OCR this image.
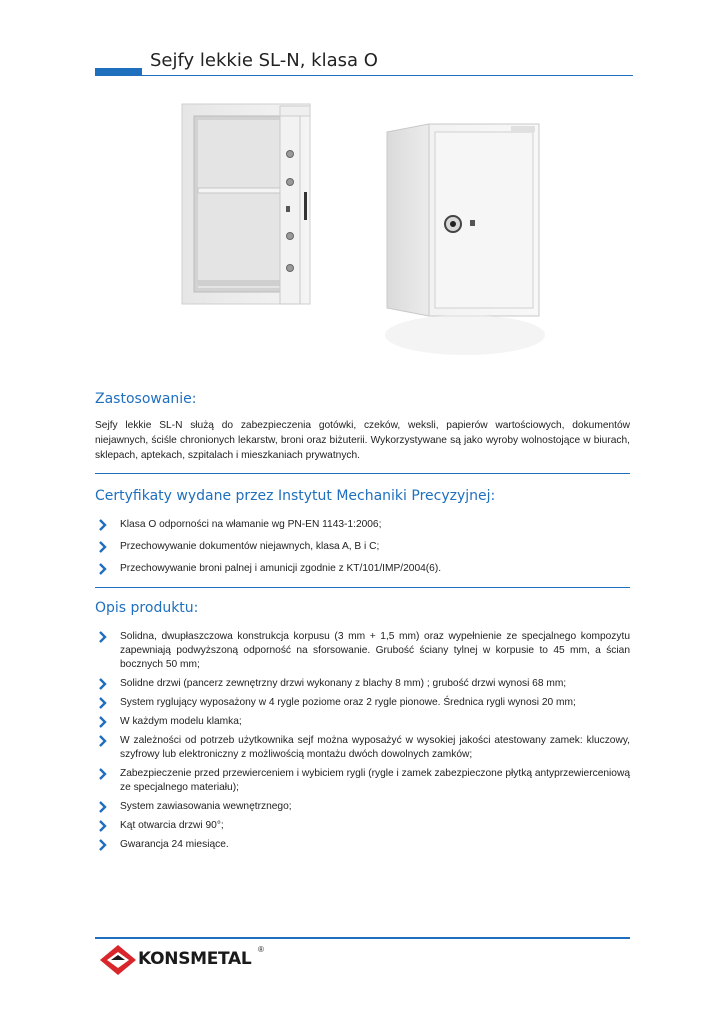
Sejfy lekkie SL-N, klasa O
Zastosowanie:

Sejfy lekkie SL-N służą do zabezpieczenia gotówki, czeków, weksli, papierów wartościowych, dokumentów niejawnych, ściśle chronionych lekarstw, broni oraz biżuterii. Wykorzystywane są jako wyroby wolnostojące w biurach, sklepach, aptekach, szpitalach i mieszkaniach prywatnych.

Certyfikaty wydane przez Instytut Mechaniki Precyzyjnej:
Klasa O odporności na włamanie wg PN-EN 1143-1:2006;
Przechowywanie dokumentów niejawnych, klasa A, B i C;
Przechowywanie broni palnej i amunicji zgodnie z KT/101/IMP/2004(6).
Opis produktu:
Solidna, dwupłaszczowa konstrukcja korpusu (3 mm + 1,5 mm) oraz wypełnienie ze specjalnego kompozytu zapewniają podwyższoną odporność na sforsowanie. Grubość ściany tylnej w korpusie to 45 mm, a ścian bocznych 50 mm;
Solidne drzwi (pancerz zewnętrzny drzwi wykonany z blachy 8 mm) ; grubość drzwi wynosi 68 mm;
System ryglujący wyposażony w 4 rygle poziome oraz 2 rygle pionowe. Średnica rygli wynosi 20 mm;
W każdym modelu klamka;
W zależności od potrzeb użytkownika sejf można wyposażyć w wysokiej jakości atestowany zamek: kluczowy, szyfrowy lub elektroniczny z możliwością montażu dwóch dowolnych zamków;
Zabezpieczenie przed przewierceniem i wybiciem rygli (rygle i zamek zabezpieczone płytką antyprzewierceniową ze specjalnego materiału);
System zawiasowania wewnętrznego;
Kąt otwarcia drzwi 90°;
Gwarancja 24 miesiące.
KONSMETAL ®
